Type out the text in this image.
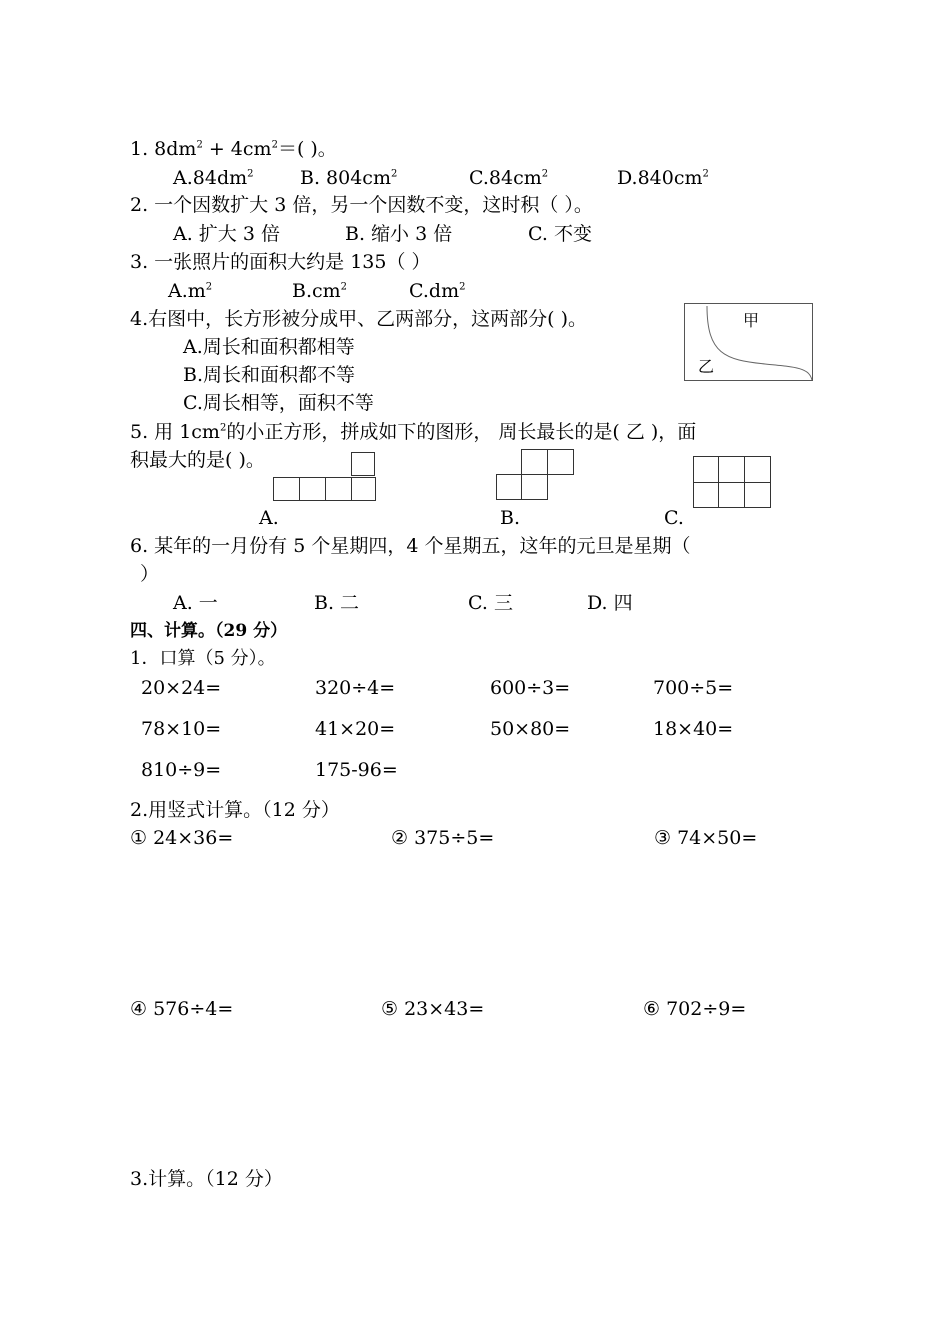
1. $8dm^2 + 4cm^2=$( )。
$A.84dm^2$ B. $804cm^2$	$C.84cm^2$	$D.840cm^2$
2. 一个因数扩大 3 倍，另一个因数不变，这时积（ ）。
A. 扩大 3 倍	B. 缩小 3 倍	C. 不变
3. 一张照片的面积大约是 135（ ）
$A.m^2$	$B.cm^2$	$C.dm^2$
4.右图中，长方形被分成甲、乙两部分，这两部分( )。
A.周长和面积都相等
B.周长和面积都不等
C.周长相等，面积不等
甲
乙
5. 用 $1cm^2$的小正方形，拼成如下的图形， 周长最长的是( 乙 )，面
积最大的是( )。
A.	B.	C.
6. 某年的一月份有 5 个星期四，4 个星期五，这年的元旦是星期（
）
A. 一	B. 二	C. 三	D. 四
四、计算。（29 分）
1．口算（5 分）。
20×24=	320÷4=	600÷3=	700÷5=
78×10=	41×20=	50×80=	18×40=
810÷9=	175-96=
2.用竖式计算。（12 分）
① 24×36=	② 375÷5=	③ 74×50=
④ 576÷4=	⑤ 23×43=	⑥ 702÷9=
3.计算。（12 分）
